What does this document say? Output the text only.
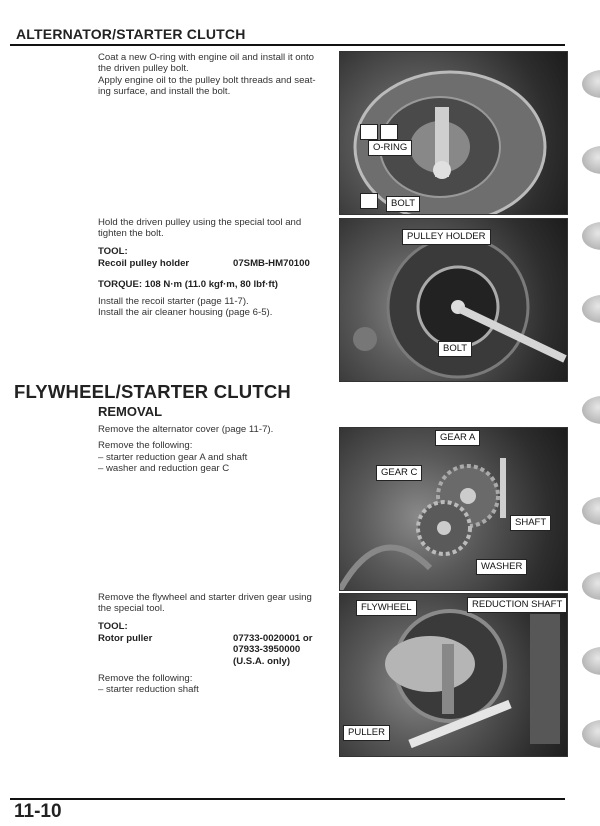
ALTERNATOR/STARTER CLUTCH
Coat a new O-ring with engine oil and install it onto
the driven pulley bolt.
Apply engine oil to the pulley bolt threads and seat-
ing surface, and install the bolt.
O-RING
BOLT
Hold the driven pulley using the special tool and
tighten the bolt.
TOOL:
Recoil pulley holder	07SMB-HM70100
TORQUE: 108 N·m (11.0 kgf·m, 80 lbf·ft)
Install the recoil starter (page 11-7).
Install the air cleaner housing (page 6-5).
PULLEY HOLDER
BOLT
FLYWHEEL/STARTER CLUTCH
REMOVAL
Remove the alternator cover (page 11-7).
Remove the following:
– starter reduction gear A and shaft
– washer and reduction gear C
GEAR A
GEAR C
SHAFT
WASHER
Remove the flywheel and starter driven gear using
the special tool.
TOOL:
Rotor puller	07733-0020001 or
07933-3950000
(U.S.A. only)
Remove the following:
– starter reduction shaft
FLYWHEEL	REDUCTION SHAFT
PULLER
11-10
